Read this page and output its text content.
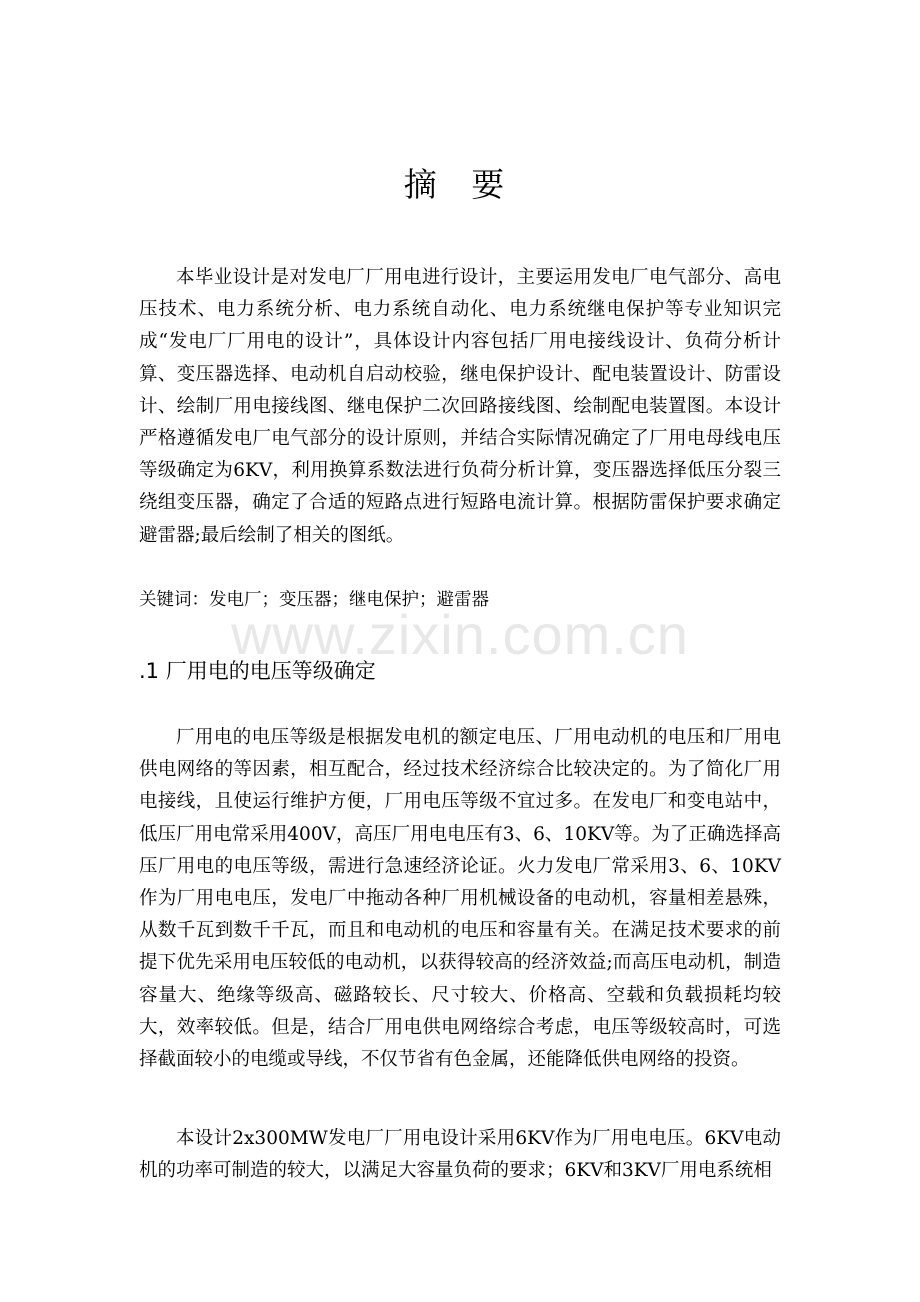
www.zixin.com.cn
摘 要

本毕业设计是对发电厂厂用电进行设计，主要运用发电厂电气部分、高电压技术、电力系统分析、电力系统自动化、电力系统继电保护等专业知识完成“发电厂厂用电的设计”，具体设计内容包括厂用电接线设计、负荷分析计算、变压器选择、电动机自启动校验，继电保护设计、配电装置设计、防雷设计、绘制厂用电接线图、继电保护二次回路接线图、绘制配电装置图。本设计严格遵循发电厂电气部分的设计原则，并结合实际情况确定了厂用电母线电压等级确定为6KV，利用换算系数法进行负荷分析计算，变压器选择低压分裂三绕组变压器，确定了合适的短路点进行短路电流计算。根据防雷保护要求确定避雷器;最后绘制了相关的图纸。

关键词：发电厂；变压器；继电保护；避雷器
.1 厂用电的电压等级确定

厂用电的电压等级是根据发电机的额定电压、厂用电动机的电压和厂用电供电网络的等因素，相互配合，经过技术经济综合比较决定的。为了简化厂用电接线，且使运行维护方便，厂用电压等级不宜过多。在发电厂和变电站中，低压厂用电常采用400V，高压厂用电电压有3、6、10KV等。为了正确选择高压厂用电的电压等级，需进行急速经济论证。火力发电厂常采用3、6、10KV作为厂用电电压，发电厂中拖动各种厂用机械设备的电动机，容量相差悬殊，从数千瓦到数千千瓦，而且和电动机的电压和容量有关。在满足技术要求的前提下优先采用电压较低的电动机，以获得较高的经济效益;而高压电动机，制造容量大、绝缘等级高、磁路较长、尺寸较大、价格高、空载和负载损耗均较大，效率较低。但是，结合厂用电供电网络综合考虑，电压等级较高时，可选择截面较小的电缆或导线，不仅节省有色金属，还能降低供电网络的投资。

本设计2x300MW发电厂厂用电设计采用6KV作为厂用电电压。6KV电动机的功率可制造的较大，以满足大容量负荷的要求；6KV和3KV厂用电系统相
